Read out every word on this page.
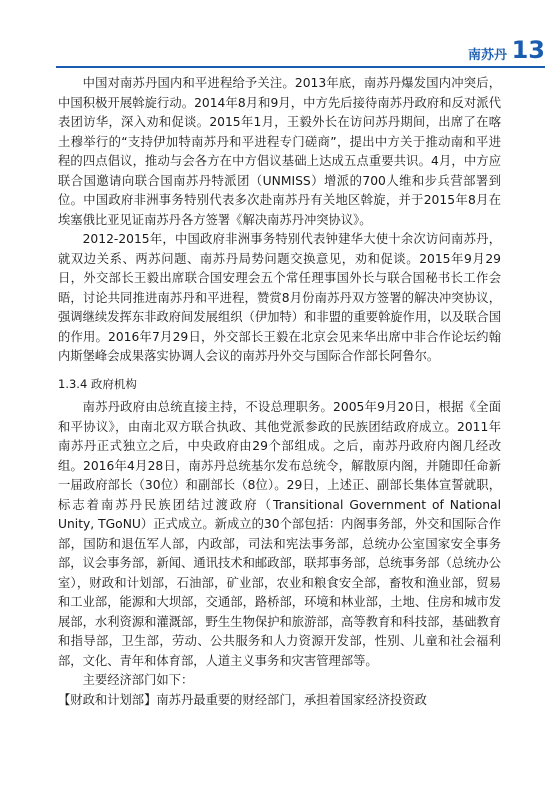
南苏丹 13

中国对南苏丹国内和平进程给予关注。2013年底，南苏丹爆发国内冲突后，中国积极开展斡旋行动。2014年8月和9月，中方先后接待南苏丹政府和反对派代表团访华，深入劝和促谈。2015年1月，王毅外长在访问苏丹期间，出席了在喀土穆举行的“支持伊加特南苏丹和平进程专门磋商”，提出中方关于推动南和平进程的四点倡议，推动与会各方在中方倡议基础上达成五点重要共识。4月，中方应联合国邀请向联合国南苏丹特派团（UNMISS）增派的700人维和步兵营部署到位。中国政府非洲事务特别代表多次赴南苏丹有关地区斡旋，并于2015年8月在埃塞俄比亚见证南苏丹各方签署《解决南苏丹冲突协议》。

2012-2015年，中国政府非洲事务特别代表钟建华大使十余次访问南苏丹，就双边关系、两苏问题、南苏丹局势问题交换意见，劝和促谈。2015年9月29日，外交部长王毅出席联合国安理会五个常任理事国外长与联合国秘书长工作会晤，讨论共同推进南苏丹和平进程，赞赏8月份南苏丹双方签署的解决冲突协议，强调继续发挥东非政府间发展组织（伊加特）和非盟的重要斡旋作用，以及联合国的作用。2016年7月29日，外交部长王毅在北京会见来华出席中非合作论坛约翰内斯堡峰会成果落实协调人会议的南苏丹外交与国际合作部长阿鲁尔。

1.3.4 政府机构

南苏丹政府由总统直接主持，不设总理职务。2005年9月20日，根据《全面和平协议》，由南北双方联合执政、其他党派参政的民族团结政府成立。2011年南苏丹正式独立之后，中央政府由29个部组成。之后，南苏丹政府内阁几经改组。2016年4月28日，南苏丹总统基尔发布总统令，解散原内阁，并随即任命新一届政府部长（30位）和副部长（8位）。29日，上述正、副部长集体宣誓就职，标志着南苏丹民族团结过渡政府（Transitional Government of National Unity, TGoNU）正式成立。新成立的30个部包括：内阁事务部，外交和国际合作部，国防和退伍军人部，内政部，司法和宪法事务部，总统办公室国家安全事务部，议会事务部，新闻、通讯技术和邮政部，联邦事务部，总统事务部（总统办公室），财政和计划部，石油部，矿业部，农业和粮食安全部，畜牧和渔业部，贸易和工业部，能源和大坝部，交通部，路桥部，环境和林业部，土地、住房和城市发展部，水利资源和灌溉部，野生生物保护和旅游部，高等教育和科技部，基础教育和指导部，卫生部，劳动、公共服务和人力资源开发部，性别、儿童和社会福利部，文化、青年和体育部，人道主义事务和灾害管理部等。

主要经济部门如下：

【财政和计划部】南苏丹最重要的财经部门，承担着国家经济投资政
